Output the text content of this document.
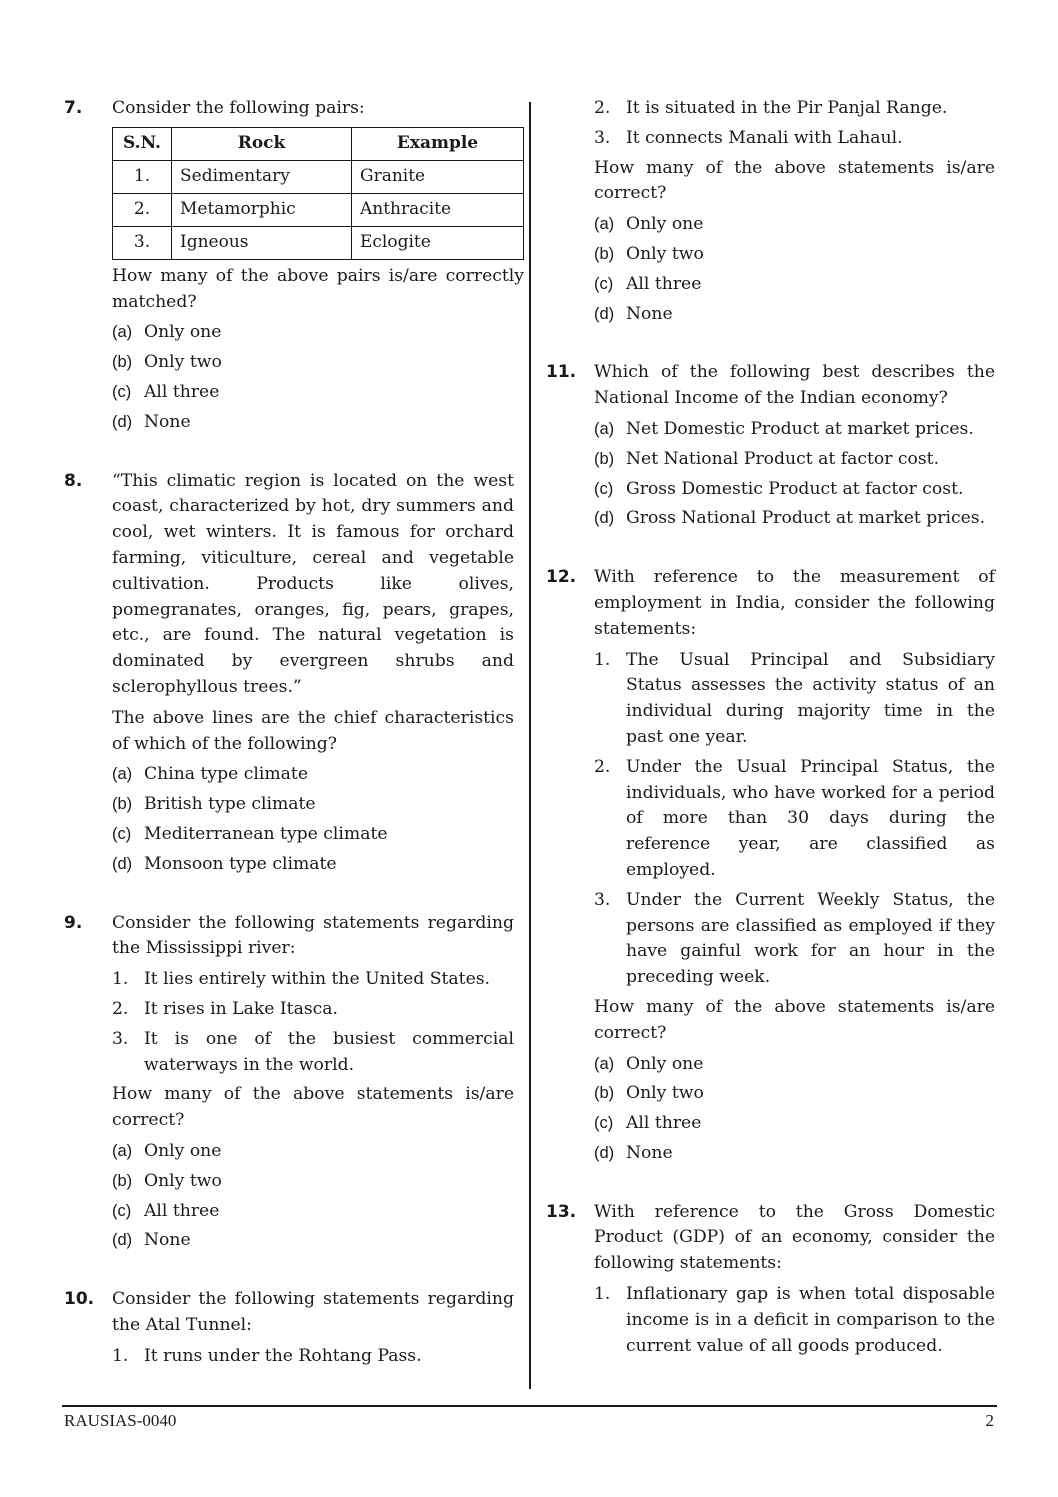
7.	Consider the following pairs:
S.N.	Rock	Example
1.	Sedimentary	Granite
2.	Metamorphic	Anthracite
3.	Igneous	Eclogite
How many of the above pairs is/are correctly matched?
(a) Only one
(b) Only two
(c) All three
(d) None
8.	“This climatic region is located on the west coast, characterized by hot, dry summers and cool, wet winters. It is famous for orchard farming, viticulture, cereal and vegetable cultivation. Products like olives, pomegranates, oranges, fig, pears, grapes, etc., are found. The natural vegetation is dominated by evergreen shrubs and sclerophyllous trees.”
The above lines are the chief characteristics of which of the following?
(a) China type climate
(b) British type climate
(c) Mediterranean type climate
(d) Monsoon type climate
9.	Consider the following statements regarding the Mississippi river:
1. It lies entirely within the United States.
2. It rises in Lake Itasca.
3. It is one of the busiest commercial waterways in the world.
How many of the above statements is/are correct?
(a) Only one
(b) Only two
(c) All three
(d) None
10.	Consider the following statements regarding the Atal Tunnel:
1. It runs under the Rohtang Pass.
2. It is situated in the Pir Panjal Range.
3. It connects Manali with Lahaul.
How many of the above statements is/are correct?
(a) Only one
(b) Only two
(c) All three
(d) None
11.	Which of the following best describes the National Income of the Indian economy?
(a) Net Domestic Product at market prices.
(b) Net National Product at factor cost.
(c) Gross Domestic Product at factor cost.
(d) Gross National Product at market prices.
12.	With reference to the measurement of employment in India, consider the following statements:
1. The Usual Principal and Subsidiary Status assesses the activity status of an individual during majority time in the past one year.
2. Under the Usual Principal Status, the individuals, who have worked for a period of more than 30 days during the reference year, are classified as employed.
3. Under the Current Weekly Status, the persons are classified as employed if they have gainful work for an hour in the preceding week.
How many of the above statements is/are correct?
(a) Only one
(b) Only two
(c) All three
(d) None
13.	With reference to the Gross Domestic Product (GDP) of an economy, consider the following statements:
1. Inflationary gap is when total disposable income is in a deficit in comparison to the current value of all goods produced.
RAUSIAS-0040	2
